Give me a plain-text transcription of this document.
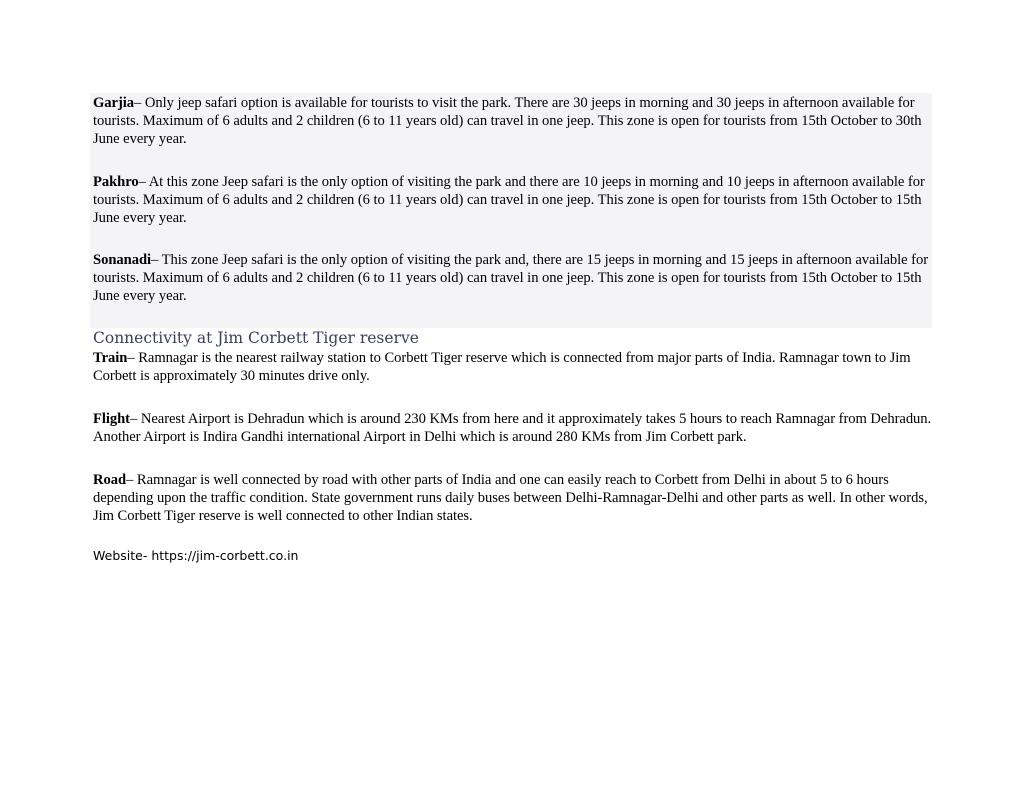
Garjia– Only jeep safari option is available for tourists to visit the park. There are 30 jeeps in morning and 30 jeeps in afternoon available for tourists. Maximum of 6 adults and 2 children (6 to 11 years old) can travel in one jeep. This zone is open for tourists from 15th October to 30th June every year.

Pakhro– At this zone Jeep safari is the only option of visiting the park and there are 10 jeeps in morning and 10 jeeps in afternoon available for tourists. Maximum of 6 adults and 2 children (6 to 11 years old) can travel in one jeep. This zone is open for tourists from 15th October to 15th June every year.

Sonanadi– This zone Jeep safari is the only option of visiting the park and, there are 15 jeeps in morning and 15 jeeps in afternoon available for tourists. Maximum of 6 adults and 2 children (6 to 11 years old) can travel in one jeep. This zone is open for tourists from 15th October to 15th June every year.

Connectivity at Jim Corbett Tiger reserve

Train– Ramnagar is the nearest railway station to Corbett Tiger reserve which is connected from major parts of India. Ramnagar town to Jim Corbett is approximately 30 minutes drive only.

Flight– Nearest Airport is Dehradun which is around 230 KMs from here and it approximately takes 5 hours to reach Ramnagar from Dehradun. Another Airport is Indira Gandhi international Airport in Delhi which is around 280 KMs from Jim Corbett park.

Road– Ramnagar is well connected by road with other parts of India and one can easily reach to Corbett from Delhi in about 5 to 6 hours depending upon the traffic condition. State government runs daily buses between Delhi-Ramnagar-Delhi and other parts as well. In other words, Jim Corbett Tiger reserve is well connected to other Indian states.

Website- https://jim-corbett.co.in
